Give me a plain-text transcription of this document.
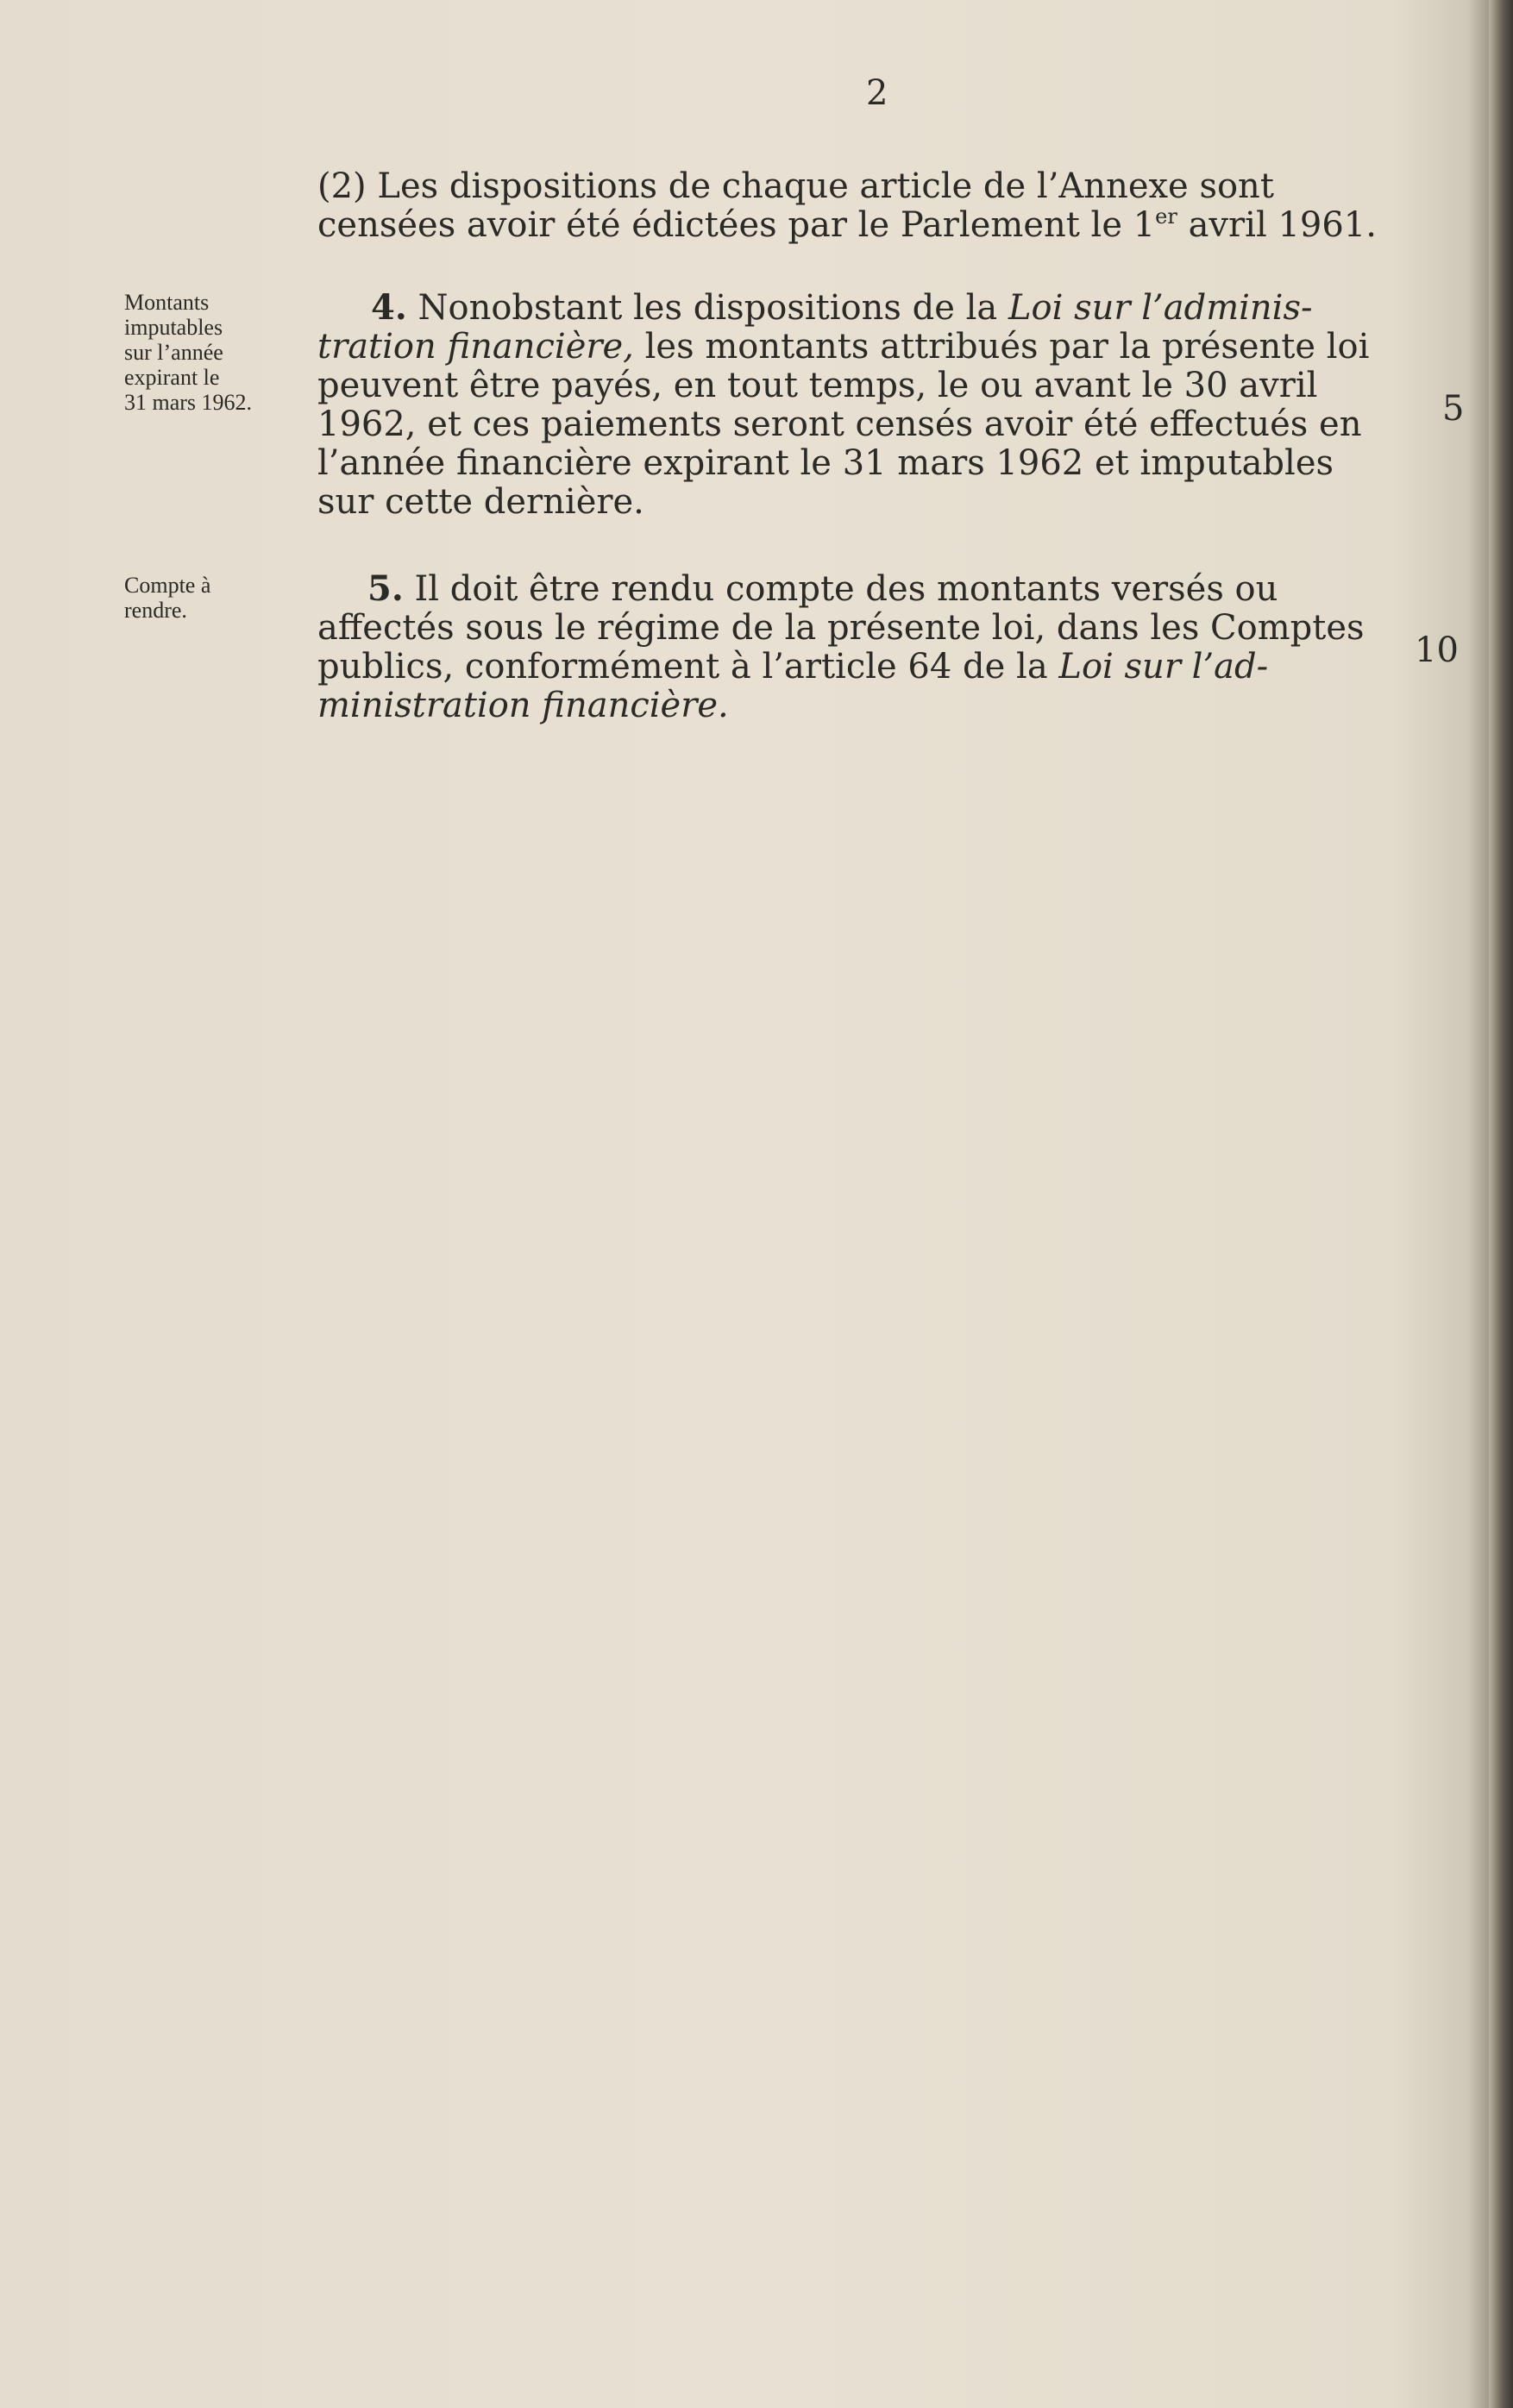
2
(2) Les dispositions de chaque article de l’Annexe sont
censées avoir été édictées par le Parlement le 1er avril 1961.
Montants
imputables
sur l’année
expirant le
31 mars 1962.
4. Nonobstant les dispositions de la Loi sur l’adminis-
tration financière, les montants attribués par la présente loi
peuvent être payés, en tout temps, le ou avant le 30 avril
1962, et ces paiements seront censés avoir été effectués en
l’année financière expirant le 31 mars 1962 et imputables
sur cette dernière.
5
Compte à
rendre.
5. Il doit être rendu compte des montants versés ou
affectés sous le régime de la présente loi, dans les Comptes
publics, conformément à l’article 64 de la Loi sur l’ad-
ministration financière.
10
